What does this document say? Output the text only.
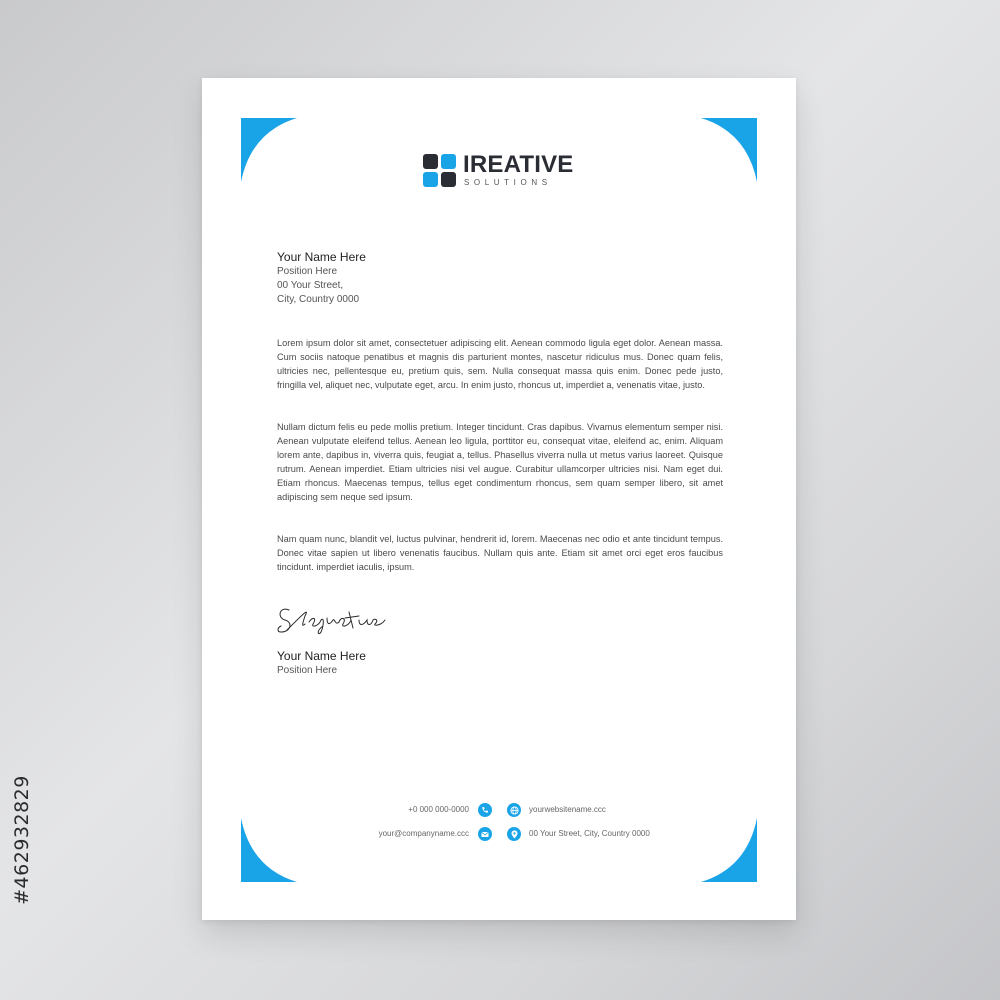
#462932829
IREATIVE
SOLUTIONS
Your Name Here
Position Here
00 Your Street,
City, Country 0000

Lorem ipsum dolor sit amet, consectetuer adipiscing elit. Aenean commodo ligula eget dolor. Aenean massa. Cum sociis natoque penatibus et magnis dis parturient montes, nascetur ridiculus mus. Donec quam felis, ultricies nec, pellentesque eu, pretium quis, sem. Nulla consequat massa quis enim. Donec pede justo, fringilla vel, aliquet nec, vulputate eget, arcu. In enim justo, rhoncus ut, imperdiet a, venenatis vitae, justo.

Nullam dictum felis eu pede mollis pretium. Integer tincidunt. Cras dapibus. Vivamus elementum semper nisi. Aenean vulputate eleifend tellus. Aenean leo ligula, porttitor eu, consequat vitae, eleifend ac, enim. Aliquam lorem ante, dapibus in, viverra quis, feugiat a, tellus. Phasellus viverra nulla ut metus varius laoreet. Quisque rutrum. Aenean imperdiet. Etiam ultricies nisi vel augue. Curabitur ullamcorper ultricies nisi. Nam eget dui. Etiam rhoncus. Maecenas tempus, tellus eget condimentum rhoncus, sem quam semper libero, sit amet adipiscing sem neque sed ipsum.

Nam quam nunc, blandit vel, luctus pulvinar, hendrerit id, lorem. Maecenas nec odio et ante tincidunt tempus. Donec vitae sapien ut libero venenatis faucibus. Nullam quis ante. Etiam sit amet orci eget eros faucibus tincidunt. imperdiet iaculis, ipsum.

Your Name Here
Position Here
+0 000 000-0000	yourwebsitename.ccc
your@companyname.ccc	00 Your Street, City, Country 0000
